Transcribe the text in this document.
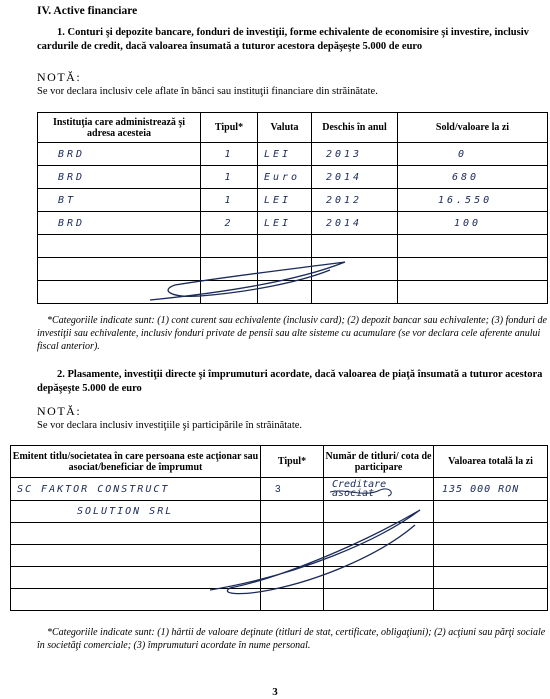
IV. Active financiare
1. Conturi şi depozite bancare, fonduri de investiţii, forme echivalente de economisire şi investire, inclusiv cardurile de credit, dacă valoarea însumată a tuturor acestora depăşeşte 5.000 de euro
NOTĂ:
Se vor declara inclusiv cele aflate în bănci sau instituţii financiare din străinătate.
Instituţia care administrează şi adresa acesteia	Tipul*	Valuta	Deschis în anul	Sold/valoare la zi
BRD	1	LEI	2013	0
BRD	1	Euro	2014	680
BT	1	LEI	2012	16.550
BRD	2	LEI	2014	100

*Categoriile indicate sunt: (1) cont curent sau echivalente (inclusiv card); (2) depozit bancar sau echivalente; (3) fonduri de investiţii sau echivalente, inclusiv fonduri private de pensii sau alte sisteme cu acumulare (se vor declara cele aferente anului fiscal anterior).
2. Plasamente, investiţii directe şi împrumuturi acordate, dacă valoarea de piaţă însumată a tuturor acestora depăşeşte 5.000 de euro
NOTĂ:
Se vor declara inclusiv investiţiile şi participările în străinătate.
Emitent titlu/societatea în care persoana este acţionar sau asociat/beneficiar de împrumut	Tipul*	Număr de titluri/ cota de participare	Valoarea totală la zi
SC FAKTOR CONSTRUCT	3	Creditare asociat	135 000 RON
SOLUTION SRL			

*Categoriile indicate sunt: (1) hârtii de valoare deţinute (titluri de stat, certificate, obligaţiuni); (2) acţiuni sau părţi sociale în societăţi comerciale; (3) împrumuturi acordate în nume personal.
3
